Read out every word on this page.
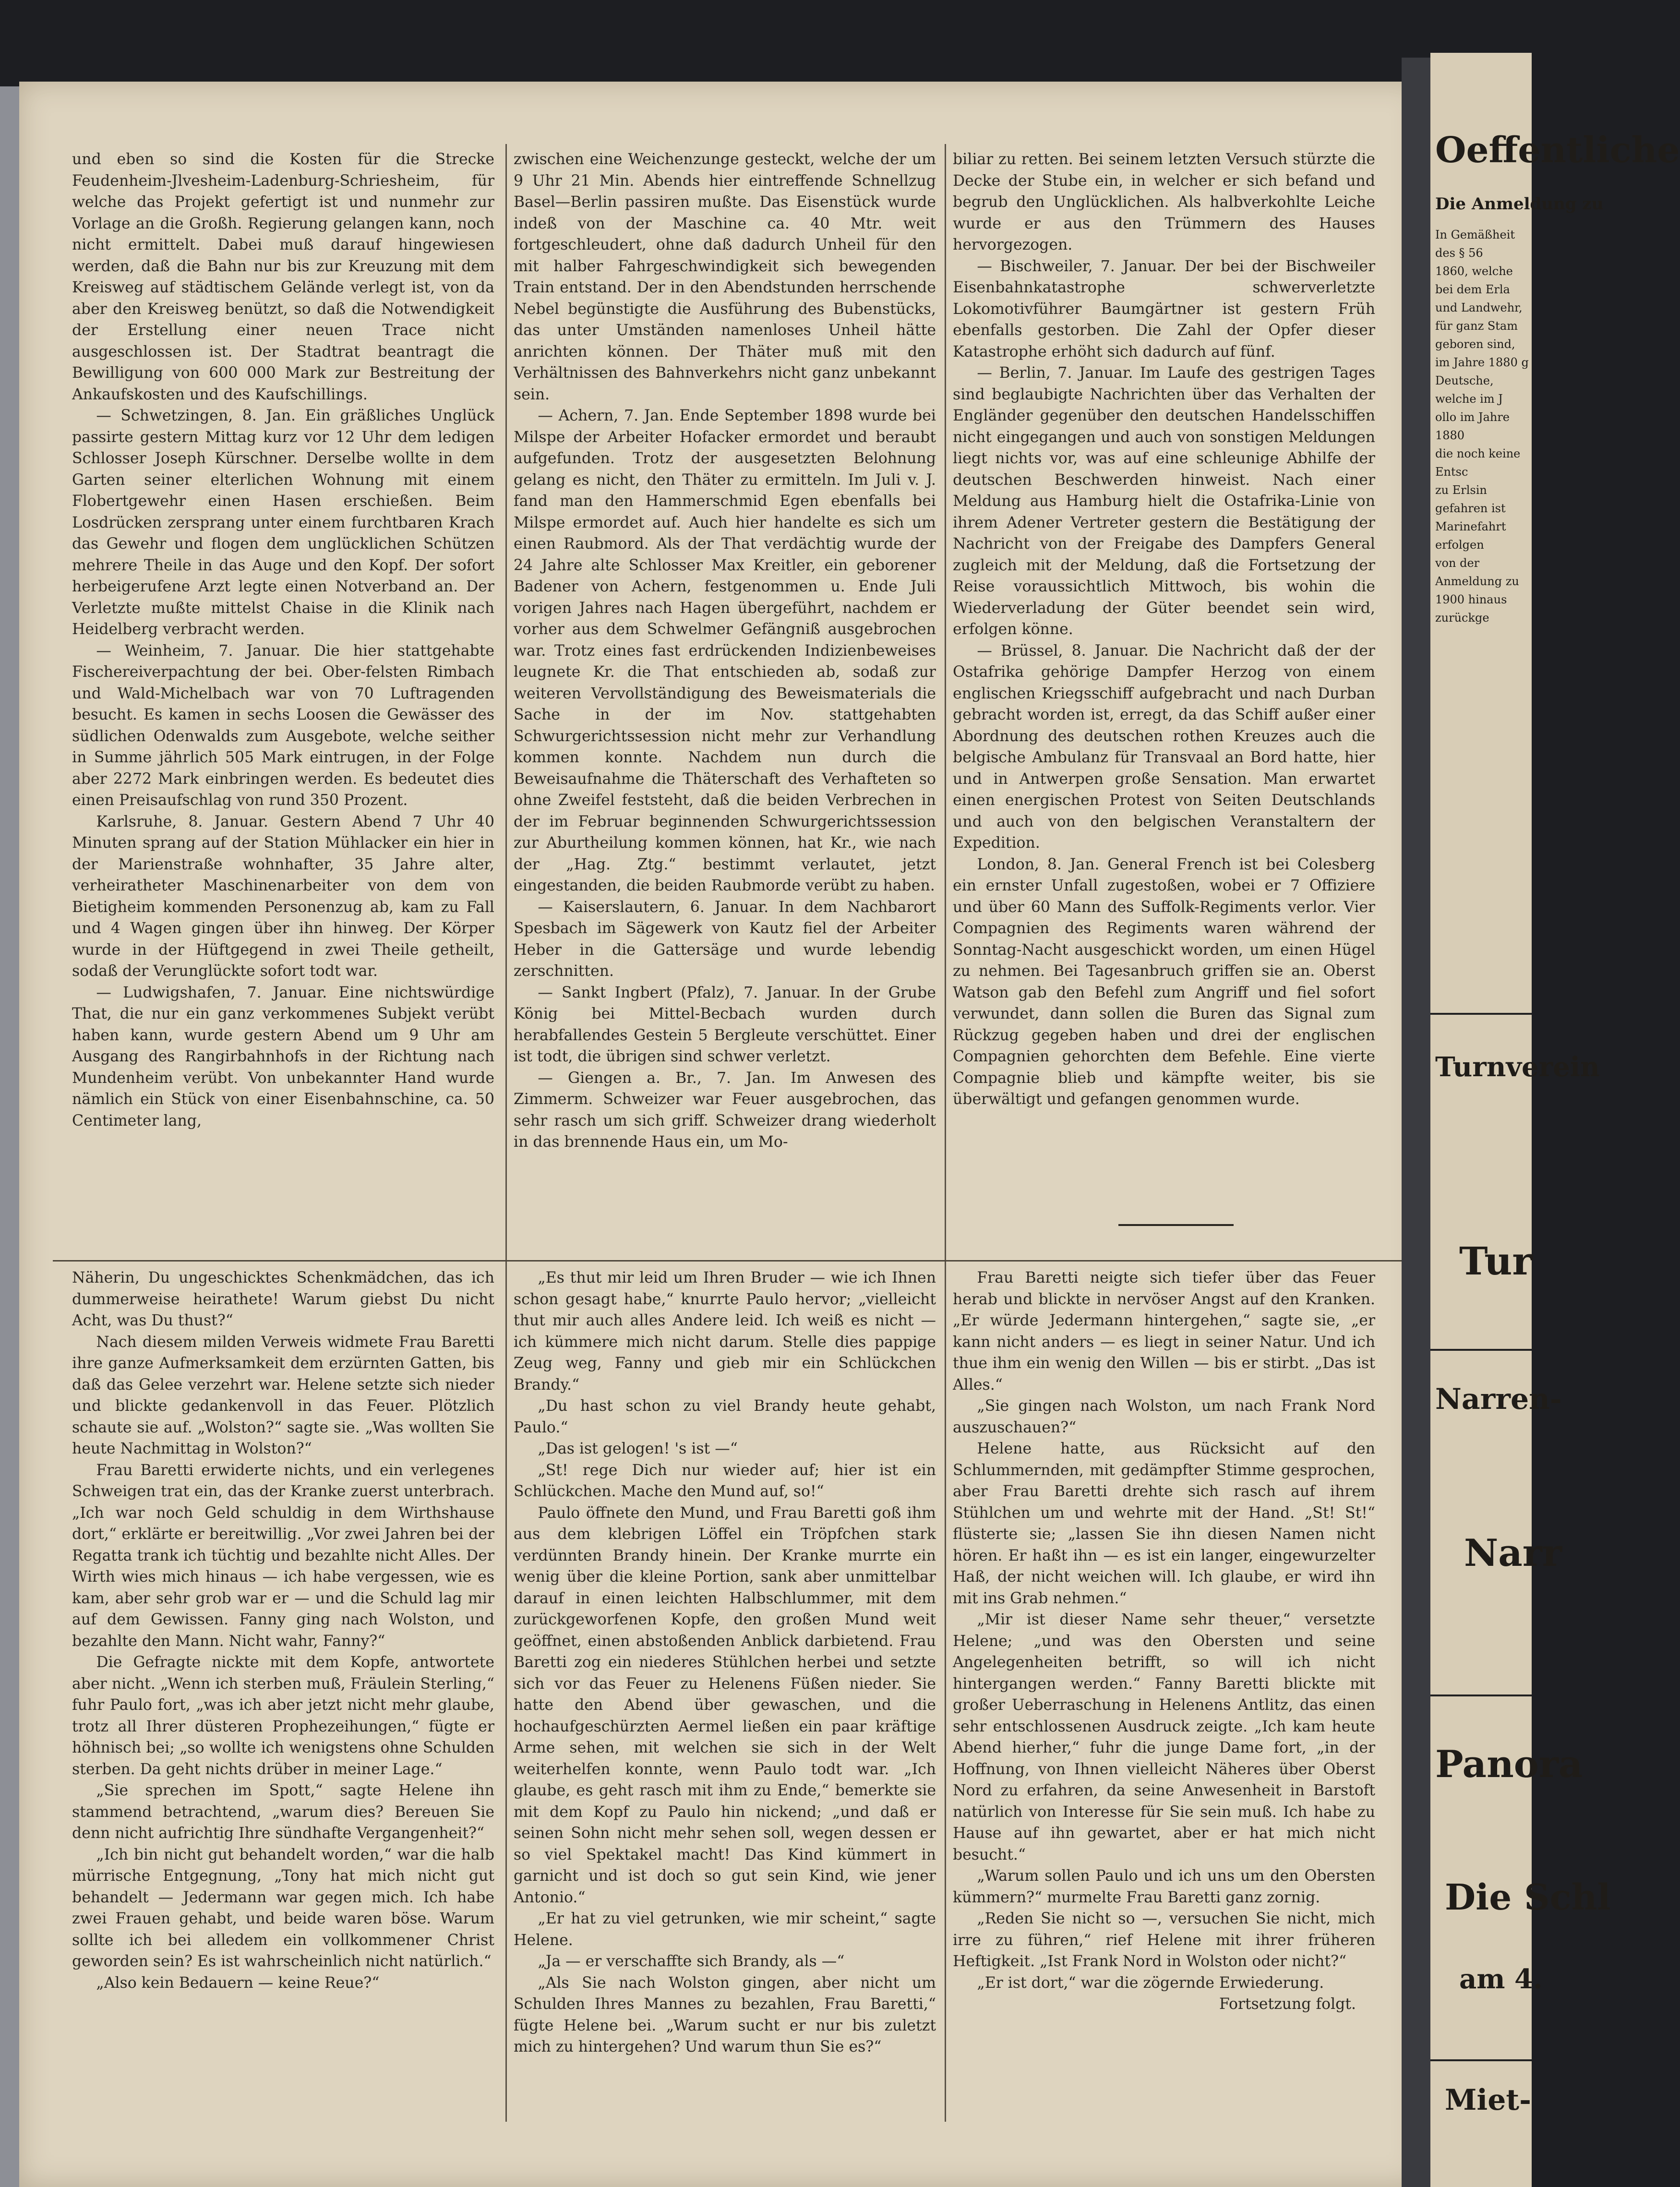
und eben so sind die Kosten für die Strecke Feudenheim-Jlvesheim-Ladenburg-Schriesheim, für welche das Projekt gefertigt ist und nunmehr zur Vorlage an die Großh. Regierung gelangen kann, noch nicht ermittelt. Dabei muß darauf hingewiesen werden, daß die Bahn nur bis zur Kreuzung mit dem Kreisweg auf städtischem Gelände verlegt ist, von da aber den Kreisweg benützt, so daß die Notwendigkeit der Erstellung einer neuen Trace nicht ausgeschlossen ist. Der Stadtrat beantragt die Bewilligung von 600 000 Mark zur Bestreitung der Ankaufskosten und des Kaufschillings.

— Schwetzingen, 8. Jan. Ein gräßliches Unglück passirte gestern Mittag kurz vor 12 Uhr dem ledigen Schlosser Joseph Kürschner. Derselbe wollte in dem Garten seiner elterlichen Wohnung mit einem Flobertgewehr einen Hasen erschießen. Beim Losdrücken zersprang unter einem furchtbaren Krach das Gewehr und flogen dem unglücklichen Schützen mehrere Theile in das Auge und den Kopf. Der sofort herbeigerufene Arzt legte einen Notverband an. Der Verletzte mußte mittelst Chaise in die Klinik nach Heidelberg verbracht werden.

— Weinheim, 7. Januar. Die hier stattgehabte Fischereiverpachtung der bei. Ober-felsten Rimbach und Wald-Michelbach war von 70 Luftragenden besucht. Es kamen in sechs Loosen die Gewässer des südlichen Odenwalds zum Ausgebote, welche seither in Summe jährlich 505 Mark eintrugen, in der Folge aber 2272 Mark einbringen werden. Es bedeutet dies einen Preisaufschlag von rund 350 Prozent.

Karlsruhe, 8. Januar. Gestern Abend 7 Uhr 40 Minuten sprang auf der Station Mühlacker ein hier in der Marienstraße wohnhafter, 35 Jahre alter, verheiratheter Maschinenarbeiter von dem von Bietigheim kommenden Personenzug ab, kam zu Fall und 4 Wagen gingen über ihn hinweg. Der Körper wurde in der Hüftgegend in zwei Theile getheilt, sodaß der Verunglückte sofort todt war.

— Ludwigshafen, 7. Januar. Eine nichtswürdige That, die nur ein ganz verkommenes Subjekt verübt haben kann, wurde gestern Abend um 9 Uhr am Ausgang des Rangirbahnhofs in der Richtung nach Mundenheim verübt. Von unbekannter Hand wurde nämlich ein Stück von einer Eisenbahnschine, ca. 50 Centimeter lang,

zwischen eine Weichenzunge gesteckt, welche der um 9 Uhr 21 Min. Abends hier eintreffende Schnellzug Basel—Berlin passiren mußte. Das Eisenstück wurde indeß von der Maschine ca. 40 Mtr. weit fortgeschleudert, ohne daß dadurch Unheil für den mit halber Fahrgeschwindigkeit sich bewegenden Train entstand. Der in den Abendstunden herrschende Nebel begünstigte die Ausführung des Bubenstücks, das unter Umständen namenloses Unheil hätte anrichten können. Der Thäter muß mit den Verhältnissen des Bahnverkehrs nicht ganz unbekannt sein.

— Achern, 7. Jan. Ende September 1898 wurde bei Milspe der Arbeiter Hofacker ermordet und beraubt aufgefunden. Trotz der ausgesetzten Belohnung gelang es nicht, den Thäter zu ermitteln. Im Juli v. J. fand man den Hammerschmid Egen ebenfalls bei Milspe ermordet auf. Auch hier handelte es sich um einen Raubmord. Als der That verdächtig wurde der 24 Jahre alte Schlosser Max Kreitler, ein geborener Badener von Achern, festgenommen u. Ende Juli vorigen Jahres nach Hagen übergeführt, nachdem er vorher aus dem Schwelmer Gefängniß ausgebrochen war. Trotz eines fast erdrückenden Indizienbeweises leugnete Kr. die That entschieden ab, sodaß zur weiteren Vervollständigung des Beweismaterials die Sache in der im Nov. stattgehabten Schwurgerichtssession nicht mehr zur Verhandlung kommen konnte. Nachdem nun durch die Beweisaufnahme die Thäterschaft des Verhafteten so ohne Zweifel feststeht, daß die beiden Verbrechen in der im Februar beginnenden Schwurgerichtssession zur Aburtheilung kommen können, hat Kr., wie nach der „Hag. Ztg.“ bestimmt verlautet, jetzt eingestanden, die beiden Raubmorde verübt zu haben.

— Kaiserslautern, 6. Januar. In dem Nachbarort Spesbach im Sägewerk von Kautz fiel der Arbeiter Heber in die Gattersäge und wurde lebendig zerschnitten.

— Sankt Ingbert (Pfalz), 7. Januar. In der Grube König bei Mittel-Becbach wurden durch herabfallendes Gestein 5 Bergleute verschüttet. Einer ist todt, die übrigen sind schwer verletzt.

— Giengen a. Br., 7. Jan. Im Anwesen des Zimmerm. Schweizer war Feuer ausgebrochen, das sehr rasch um sich griff. Schweizer drang wiederholt in das brennende Haus ein, um Mo-

biliar zu retten. Bei seinem letzten Versuch stürzte die Decke der Stube ein, in welcher er sich befand und begrub den Unglücklichen. Als halbverkohlte Leiche wurde er aus den Trümmern des Hauses hervorgezogen.

— Bischweiler, 7. Januar. Der bei der Bischweiler Eisenbahnkatastrophe schwerverletzte Lokomotivführer Baumgärtner ist gestern Früh ebenfalls gestorben. Die Zahl der Opfer dieser Katastrophe erhöht sich dadurch auf fünf.

— Berlin, 7. Januar. Im Laufe des gestrigen Tages sind beglaubigte Nachrichten über das Verhalten der Engländer gegenüber den deutschen Handelsschiffen nicht eingegangen und auch von sonstigen Meldungen liegt nichts vor, was auf eine schleunige Abhilfe der deutschen Beschwerden hinweist. Nach einer Meldung aus Hamburg hielt die Ostafrika-Linie von ihrem Adener Vertreter gestern die Bestätigung der Nachricht von der Freigabe des Dampfers General zugleich mit der Meldung, daß die Fortsetzung der Reise voraussichtlich Mittwoch, bis wohin die Wiederverladung der Güter beendet sein wird, erfolgen könne.

— Brüssel, 8. Januar. Die Nachricht daß der der Ostafrika gehörige Dampfer Herzog von einem englischen Kriegsschiff aufgebracht und nach Durban gebracht worden ist, erregt, da das Schiff außer einer Abordnung des deutschen rothen Kreuzes auch die belgische Ambulanz für Transvaal an Bord hatte, hier und in Antwerpen große Sensation. Man erwartet einen energischen Protest von Seiten Deutschlands und auch von den belgischen Veranstaltern der Expedition.

London, 8. Jan. General French ist bei Colesberg ein ernster Unfall zugestoßen, wobei er 7 Offiziere und über 60 Mann des Suffolk-Regiments verlor. Vier Compagnien des Regiments waren während der Sonntag-Nacht ausgeschickt worden, um einen Hügel zu nehmen. Bei Tagesanbruch griffen sie an. Oberst Watson gab den Befehl zum Angriff und fiel sofort verwundet, dann sollen die Buren das Signal zum Rückzug gegeben haben und drei der englischen Compagnien gehorchten dem Befehle. Eine vierte Compagnie blieb und kämpfte weiter, bis sie überwältigt und gefangen genommen wurde.

Näherin, Du ungeschicktes Schenkmädchen, das ich dummerweise heirathete! Warum giebst Du nicht Acht, was Du thust?“

Nach diesem milden Verweis widmete Frau Baretti ihre ganze Aufmerksamkeit dem erzürnten Gatten, bis daß das Gelee verzehrt war. Helene setzte sich nieder und blickte gedankenvoll in das Feuer. Plötzlich schaute sie auf. „Wolston?“ sagte sie. „Was wollten Sie heute Nachmittag in Wolston?“

Frau Baretti erwiderte nichts, und ein verlegenes Schweigen trat ein, das der Kranke zuerst unterbrach. „Ich war noch Geld schuldig in dem Wirthshause dort,“ erklärte er bereitwillig. „Vor zwei Jahren bei der Regatta trank ich tüchtig und bezahlte nicht Alles. Der Wirth wies mich hinaus — ich habe vergessen, wie es kam, aber sehr grob war er — und die Schuld lag mir auf dem Gewissen. Fanny ging nach Wolston, und bezahlte den Mann. Nicht wahr, Fanny?“

Die Gefragte nickte mit dem Kopfe, antwortete aber nicht. „Wenn ich sterben muß, Fräulein Sterling,“ fuhr Paulo fort, „was ich aber jetzt nicht mehr glaube, trotz all Ihrer düsteren Prophezeihungen,“ fügte er höhnisch bei; „so wollte ich wenigstens ohne Schulden sterben. Da geht nichts drüber in meiner Lage.“

„Sie sprechen im Spott,“ sagte Helene ihn stammend betrachtend, „warum dies? Bereuen Sie denn nicht aufrichtig Ihre sündhafte Vergangenheit?“

„Ich bin nicht gut behandelt worden,“ war die halb mürrische Entgegnung, „Tony hat mich nicht gut behandelt — Jedermann war gegen mich. Ich habe zwei Frauen gehabt, und beide waren böse. Warum sollte ich bei alledem ein vollkommener Christ geworden sein? Es ist wahrscheinlich nicht natürlich.“

„Also kein Bedauern — keine Reue?“

„Es thut mir leid um Ihren Bruder — wie ich Ihnen schon gesagt habe,“ knurrte Paulo hervor; „vielleicht thut mir auch alles Andere leid. Ich weiß es nicht — ich kümmere mich nicht darum. Stelle dies pappige Zeug weg, Fanny und gieb mir ein Schlückchen Brandy.“

„Du hast schon zu viel Brandy heute gehabt, Paulo.“

„Das ist gelogen! 's ist —“

„St! rege Dich nur wieder auf; hier ist ein Schlückchen. Mache den Mund auf, so!“

Paulo öffnete den Mund, und Frau Baretti goß ihm aus dem klebrigen Löffel ein Tröpfchen stark verdünnten Brandy hinein. Der Kranke murrte ein wenig über die kleine Portion, sank aber unmittelbar darauf in einen leichten Halbschlummer, mit dem zurückgeworfenen Kopfe, den großen Mund weit geöffnet, einen abstoßenden Anblick darbietend. Frau Baretti zog ein niederes Stühlchen herbei und setzte sich vor das Feuer zu Helenens Füßen nieder. Sie hatte den Abend über gewaschen, und die hochaufgeschürzten Aermel ließen ein paar kräftige Arme sehen, mit welchen sie sich in der Welt weiterhelfen konnte, wenn Paulo todt war. „Ich glaube, es geht rasch mit ihm zu Ende,“ bemerkte sie mit dem Kopf zu Paulo hin nickend; „und daß er seinen Sohn nicht mehr sehen soll, wegen dessen er so viel Spektakel macht! Das Kind kümmert in garnicht und ist doch so gut sein Kind, wie jener Antonio.“

„Er hat zu viel getrunken, wie mir scheint,“ sagte Helene.

„Ja — er verschaffte sich Brandy, als —“

„Als Sie nach Wolston gingen, aber nicht um Schulden Ihres Mannes zu bezahlen, Frau Baretti,“ fügte Helene bei. „Warum sucht er nur bis zuletzt mich zu hintergehen? Und warum thun Sie es?“

Frau Baretti neigte sich tiefer über das Feuer herab und blickte in nervöser Angst auf den Kranken. „Er würde Jedermann hintergehen,“ sagte sie, „er kann nicht anders — es liegt in seiner Natur. Und ich thue ihm ein wenig den Willen — bis er stirbt. „Das ist Alles.“

„Sie gingen nach Wolston, um nach Frank Nord auszuschauen?“

Helene hatte, aus Rücksicht auf den Schlummernden, mit gedämpfter Stimme gesprochen, aber Frau Baretti drehte sich rasch auf ihrem Stühlchen um und wehrte mit der Hand. „St! St!“ flüsterte sie; „lassen Sie ihn diesen Namen nicht hören. Er haßt ihn — es ist ein langer, eingewurzelter Haß, der nicht weichen will. Ich glaube, er wird ihn mit ins Grab nehmen.“

„Mir ist dieser Name sehr theuer,“ versetzte Helene; „und was den Obersten und seine Angelegenheiten betrifft, so will ich nicht hintergangen werden.“ Fanny Baretti blickte mit großer Ueberraschung in Helenens Antlitz, das einen sehr entschlossenen Ausdruck zeigte. „Ich kam heute Abend hierher,“ fuhr die junge Dame fort, „in der Hoffnung, von Ihnen vielleicht Näheres über Oberst Nord zu erfahren, da seine Anwesenheit in Barstoft natürlich von Interesse für Sie sein muß. Ich habe zu Hause auf ihn gewartet, aber er hat mich nicht besucht.“

„Warum sollen Paulo und ich uns um den Obersten kümmern?“ murmelte Frau Baretti ganz zornig.

„Reden Sie nicht so —, versuchen Sie nicht, mich irre zu führen,“ rief Helene mit ihrer früheren Heftigkeit. „Ist Frank Nord in Wolston oder nicht?“

„Er ist dort,“ war die zögernde Erwiederung.

Fortsetzung folgt.

Oeffentliche
Die Anmeldung zu
In Gemäßheit des § 56
1860, welche bei dem Erla
und Landwehr, für ganz Stam
geboren sind, im Jahre 1880 g
Deutsche, welche im J
ollo im Jahre 1880
die noch keine Entsc
zu Erlsin gefahren ist
Marinefahrt erfolgen
von der Anmeldung zu
1900 hinaus zurückge
Turnverein
Tur
Narren-
Narr
Panora
Die Schl
am 4.
Miet-
